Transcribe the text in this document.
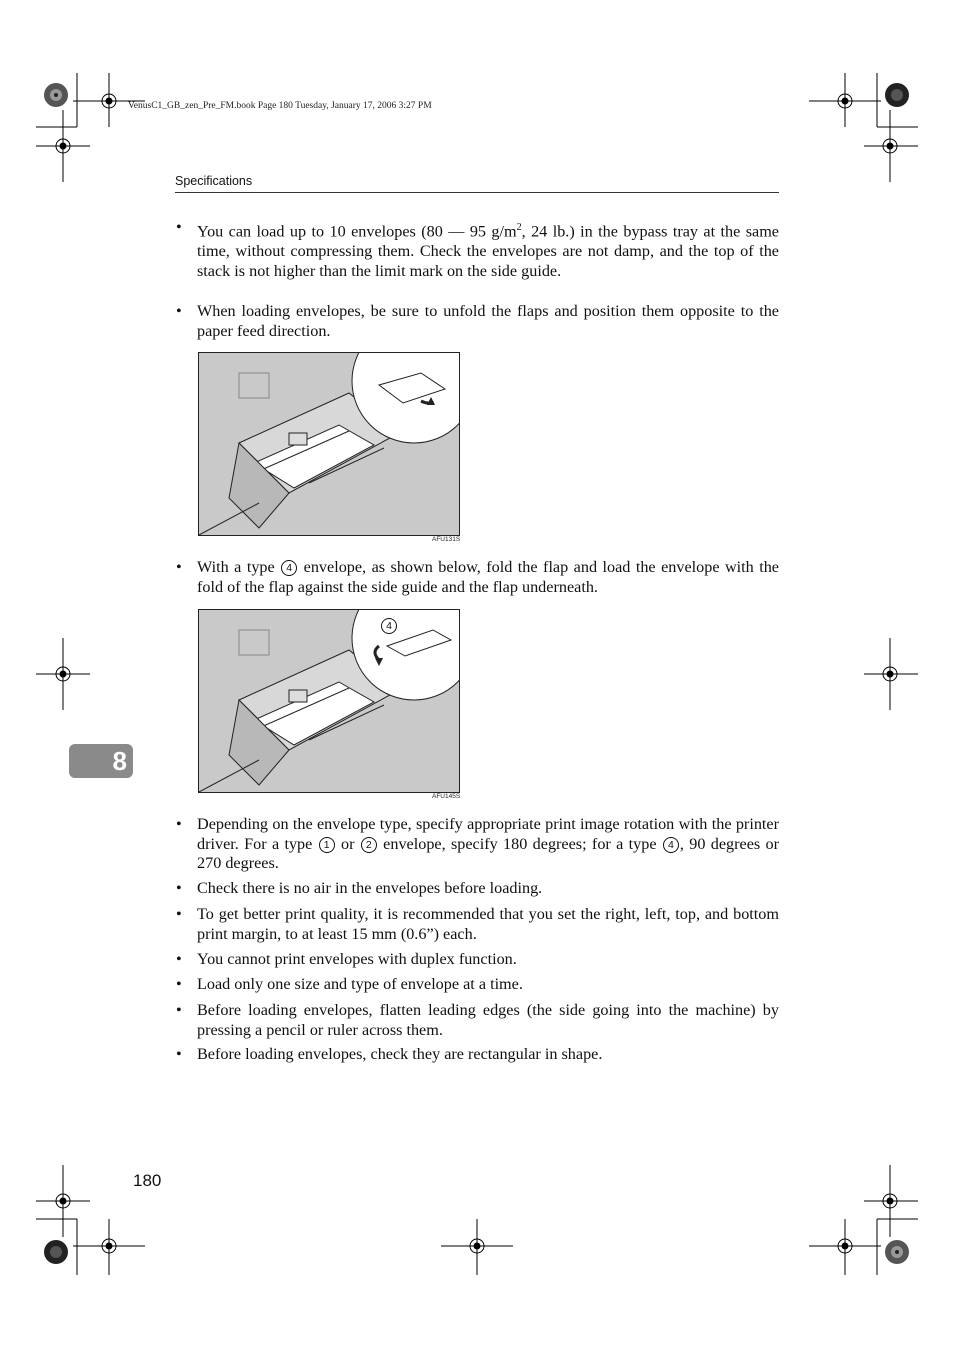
VenusC1_GB_zen_Pre_FM.book Page 180 Tuesday, January 17, 2006 3:27 PM
Specifications
• You can load up to 10 envelopes (80 — 95 $g/m^2$, 24 lb.) in the bypass tray at the same time, without compressing them. Check the envelopes are not damp, and the top of the stack is not higher than the limit mark on the side guide.
• When loading envelopes, be sure to unfold the flaps and position them opposite to the paper feed direction.
AFU131S
• With a type 4 envelope, as shown below, fold the flap and load the envelope with the fold of the flap against the side guide and the flap underneath.
4
AFU145S
8
• Depending on the envelope type, specify appropriate print image rotation with the printer driver. For a type 1 or 2 envelope, specify 180 degrees; for a type 4 , 90 degrees or 270 degrees.
• Check there is no air in the envelopes before loading.
• To get better print quality, it is recommended that you set the right, left, top, and bottom print margin, to at least 15 mm (0.6”) each.
• You cannot print envelopes with duplex function.
• Load only one size and type of envelope at a time.
• Before loading envelopes, flatten leading edges (the side going into the machine) by pressing a pencil or ruler across them.
• Before loading envelopes, check they are rectangular in shape.
180
